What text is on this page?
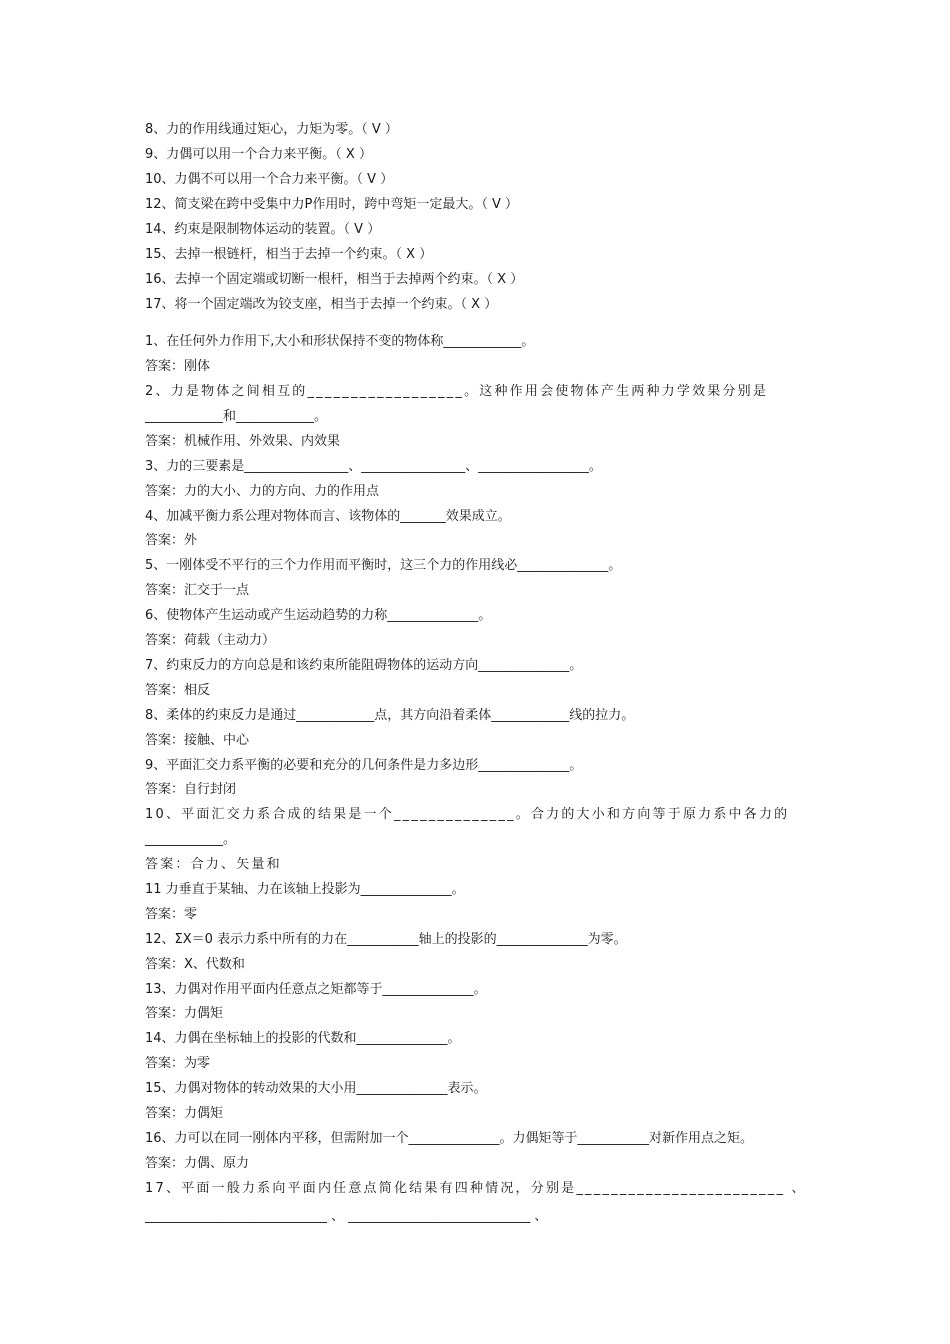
8、力的作用线通过矩心，力矩为零。（ V ）
9、力偶可以用一个合力来平衡。（ X ）
10、力偶不可以用一个合力来平衡。（ V ）
12、简支梁在跨中受集中力P作用时，跨中弯矩一定最大。（ V ）
14、约束是限制物体运动的装置。（ V ）
15、去掉一根链杆，相当于去掉一个约束。（ X ）
16、去掉一个固定端或切断一根杆，相当于去掉两个约束。（ X ）
17、将一个固定端改为铰支座，相当于去掉一个约束。（ X ）
1、在任何外力作用下,大小和形状保持不变的物体称____________。
答案：刚体
2、力是物体之间相互的__________________。这种作用会使物体产生两种力学效果分别是
____________和____________。
答案：机械作用、外效果、内效果
3、力的三要素是________________、________________、_________________。
答案：力的大小、力的方向、力的作用点
4、加减平衡力系公理对物体而言、该物体的_______效果成立。
答案：外
5、一刚体受不平行的三个力作用而平衡时，这三个力的作用线必______________。
答案：汇交于一点
6、使物体产生运动或产生运动趋势的力称______________。
答案：荷载（主动力）
7、约束反力的方向总是和该约束所能阻碍物体的运动方向______________。
答案：相反
8、柔体的约束反力是通过____________点，其方向沿着柔体____________线的拉力。
答案：接触、中心
9、平面汇交力系平衡的必要和充分的几何条件是力多边形______________。
答案：自行封闭
10、平面汇交力系合成的结果是一个______________。合力的大小和方向等于原力系中各力的
____________。
答案：合力、矢量和
11 力垂直于某轴、力在该轴上投影为______________。
答案：零
12、ΣX＝0 表示力系中所有的力在___________轴上的投影的______________为零。
答案：X、代数和
13、力偶对作用平面内任意点之矩都等于______________。
答案：力偶矩
14、力偶在坐标轴上的投影的代数和______________。
答案：为零
15、力偶对物体的转动效果的大小用______________表示。
答案：力偶矩
16、力可以在同一刚体内平移，但需附加一个______________。力偶矩等于___________对新作用点之矩。
答案：力偶、原力
17、平面一般力系向平面内任意点简化结果有四种情况，分别是________________________ 、
____________________________ 、 ____________________________ 、
